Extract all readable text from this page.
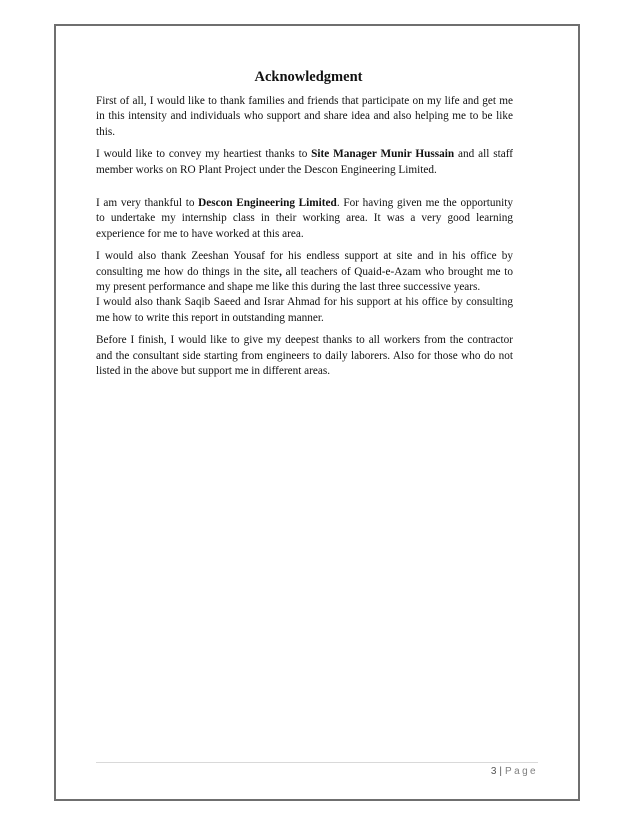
Acknowledgment

First of all, I would like to thank families and friends that participate on my life and get me in this intensity and individuals who support and share idea and also helping me to be like this.

I would like to convey my heartiest thanks to Site Manager Munir Hussain and all staff member works on RO Plant Project under the Descon Engineering Limited.

I am very thankful to Descon Engineering Limited. For having given me the opportunity to undertake my internship class in their working area. It was a very good learning experience for me to have worked at this area.

I would also thank Zeeshan Yousaf for his endless support at site and in his office by consulting me how do things in the site, all teachers of Quaid-e-Azam who brought me to my present performance and shape me like this during the last three successive years.

I would also thank Saqib Saeed and Israr Ahmad for his support at his office by consulting me how to write this report in outstanding manner.

Before I finish, I would like to give my deepest thanks to all workers from the contractor and the consultant side starting from engineers to daily laborers. Also for those who do not listed in the above but support me in different areas.

3 | Page
